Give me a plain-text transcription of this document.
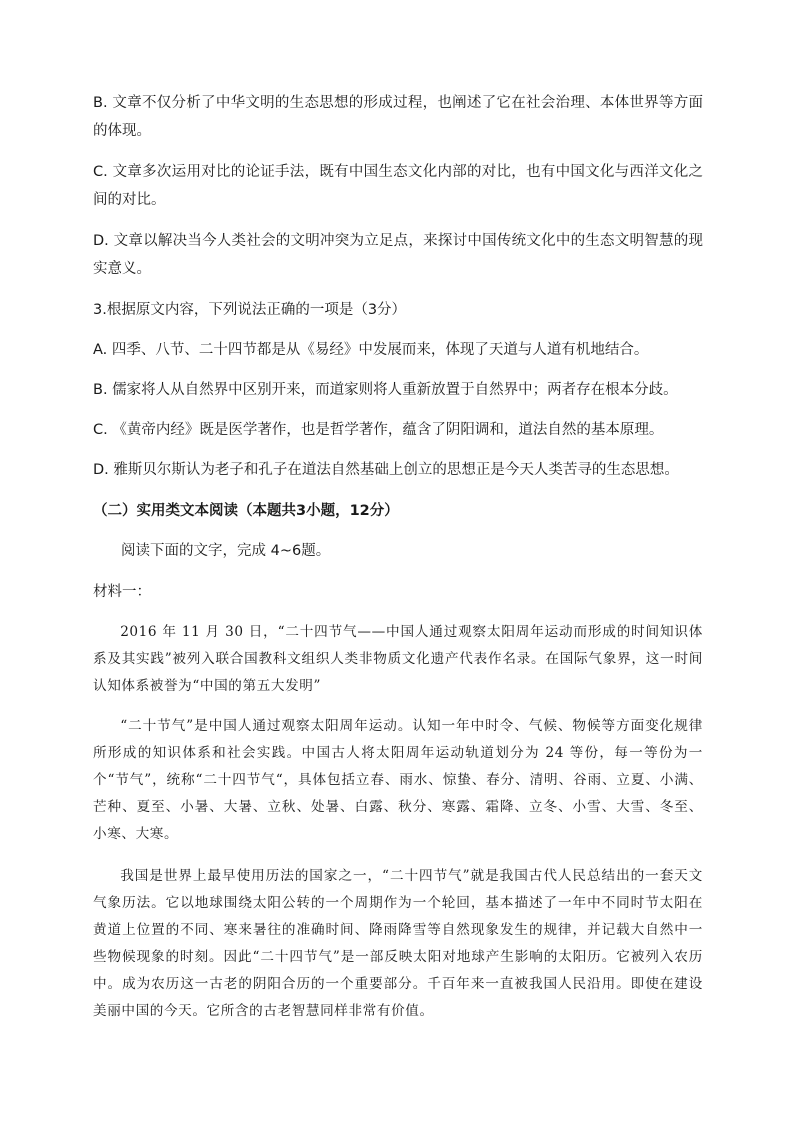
B. 文章不仅分析了中华文明的生态思想的形成过程，也阐述了它在社会治理、本体世界等方面的体现。

C. 文章多次运用对比的论证手法，既有中国生态文化内部的对比，也有中国文化与西洋文化之间的对比。

D. 文章以解决当今人类社会的文明冲突为立足点，来探讨中国传统文化中的生态文明智慧的现实意义。

3.根据原文内容，下列说法正确的一项是（3分）

A. 四季、八节、二十四节都是从《易经》中发展而来，体现了天道与人道有机地结合。

B. 儒家将人从自然界中区别开来，而道家则将人重新放置于自然界中；两者存在根本分歧。

C. 《黄帝内经》既是医学著作，也是哲学著作，蕴含了阴阳调和，道法自然的基本原理。

D. 雅斯贝尔斯认为老子和孔子在道法自然基础上创立的思想正是今天人类苦寻的生态思想。

（二）实用类文本阅读（本题共3小题，12分）

阅读下面的文字，完成 4~6题。

材料一：

2016 年 11 月 30 日，“二十四节气——中国人通过观察太阳周年运动而形成的时间知识体系及其实践”被列入联合国教科文组织人类非物质文化遗产代表作名录。在国际气象界，这一时间认知体系被誉为“中国的第五大发明”

“二十节气”是中国人通过观察太阳周年运动。认知一年中时令、气候、物候等方面变化规律所形成的知识体系和社会实践。中国古人将太阳周年运动轨道划分为 24 等份，每一等份为一个“节气”，统称“二十四节气“，具体包括立春、雨水、惊蛰、春分、清明、谷雨、立夏、小满、芒种、夏至、小暑、大暑、立秋、处暑、白露、秋分、寒露、霜降、立冬、小雪、大雪、冬至、小寒、大寒。

我国是世界上最早使用历法的国家之一，“二十四节气”就是我国古代人民总结出的一套天文气象历法。它以地球围绕太阳公转的一个周期作为一个轮回，基本描述了一年中不同时节太阳在黄道上位置的不同、寒来暑往的准确时间、降雨降雪等自然现象发生的规律，并记载大自然中一些物候现象的时刻。因此“二十四节气”是一部反映太阳对地球产生影响的太阳历。它被列入农历中。成为农历这一古老的阴阳合历的一个重要部分。千百年来一直被我国人民沿用。即使在建设美丽中国的今天。它所含的古老智慧同样非常有价值。
